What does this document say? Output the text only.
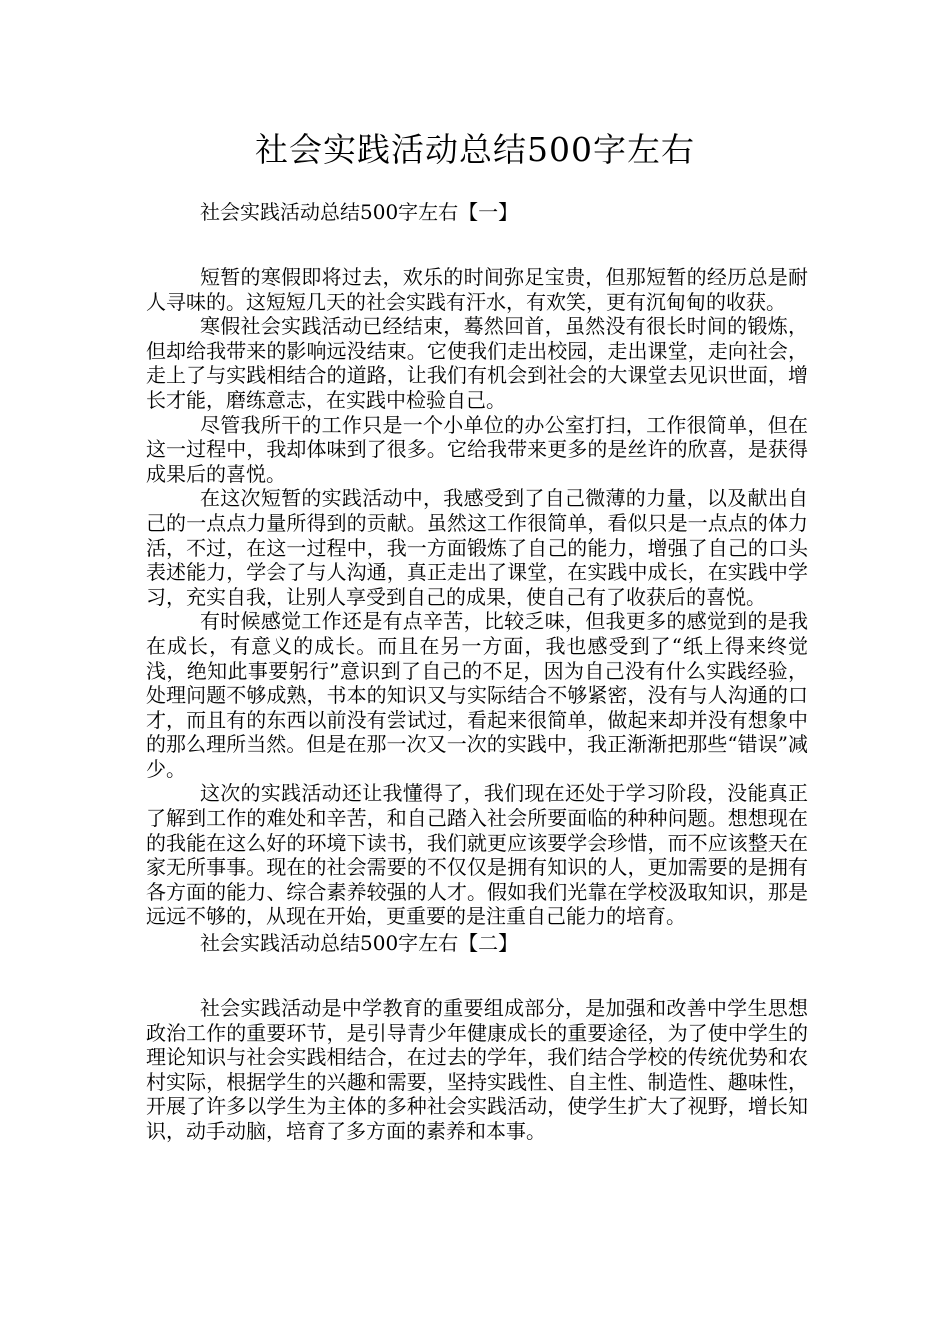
社会实践活动总结500字左右
社会实践活动总结500字左右【一】

短暂的寒假即将过去，欢乐的时间弥足宝贵，但那短暂的经历总是耐人寻味的。这短短几天的社会实践有汗水，有欢笑，更有沉甸甸的收获。

寒假社会实践活动已经结束，蓦然回首，虽然没有很长时间的锻炼，但却给我带来的影响远没结束。它使我们走出校园，走出课堂，走向社会，走上了与实践相结合的道路，让我们有机会到社会的大课堂去见识世面，增长才能，磨练意志，在实践中检验自己。

尽管我所干的工作只是一个小单位的办公室打扫，工作很简单，但在这一过程中，我却体味到了很多。它给我带来更多的是丝许的欣喜，是获得成果后的喜悦。

在这次短暂的实践活动中，我感受到了自己微薄的力量，以及献出自己的一点点力量所得到的贡献。虽然这工作很简单，看似只是一点点的体力活，不过，在这一过程中，我一方面锻炼了自己的能力，增强了自己的口头表述能力，学会了与人沟通，真正走出了课堂，在实践中成长，在实践中学习，充实自我，让别人享受到自己的成果，使自己有了收获后的喜悦。

有时候感觉工作还是有点辛苦，比较乏味，但我更多的感觉到的是我在成长，有意义的成长。而且在另一方面，我也感受到了“纸上得来终觉浅，绝知此事要躬行”意识到了自己的不足，因为自己没有什么实践经验，处理问题不够成熟，书本的知识又与实际结合不够紧密，没有与人沟通的口才，而且有的东西以前没有尝试过，看起来很简单，做起来却并没有想象中的那么理所当然。但是在那一次又一次的实践中，我正渐渐把那些“错误”减少。

这次的实践活动还让我懂得了，我们现在还处于学习阶段，没能真正了解到工作的难处和辛苦，和自己踏入社会所要面临的种种问题。想想现在的我能在这么好的环境下读书，我们就更应该要学会珍惜，而不应该整天在家无所事事。现在的社会需要的不仅仅是拥有知识的人，更加需要的是拥有各方面的能力、综合素养较强的人才。假如我们光靠在学校汲取知识，那是远远不够的，从现在开始，更重要的是注重自己能力的培育。

社会实践活动总结500字左右【二】

社会实践活动是中学教育的重要组成部分，是加强和改善中学生思想政治工作的重要环节，是引导青少年健康成长的重要途径，为了使中学生的理论知识与社会实践相结合，在过去的学年，我们结合学校的传统优势和农村实际，根据学生的兴趣和需要，坚持实践性、自主性、制造性、趣味性，开展了许多以学生为主体的多种社会实践活动，使学生扩大了视野，增长知识，动手动脑，培育了多方面的素养和本事。
